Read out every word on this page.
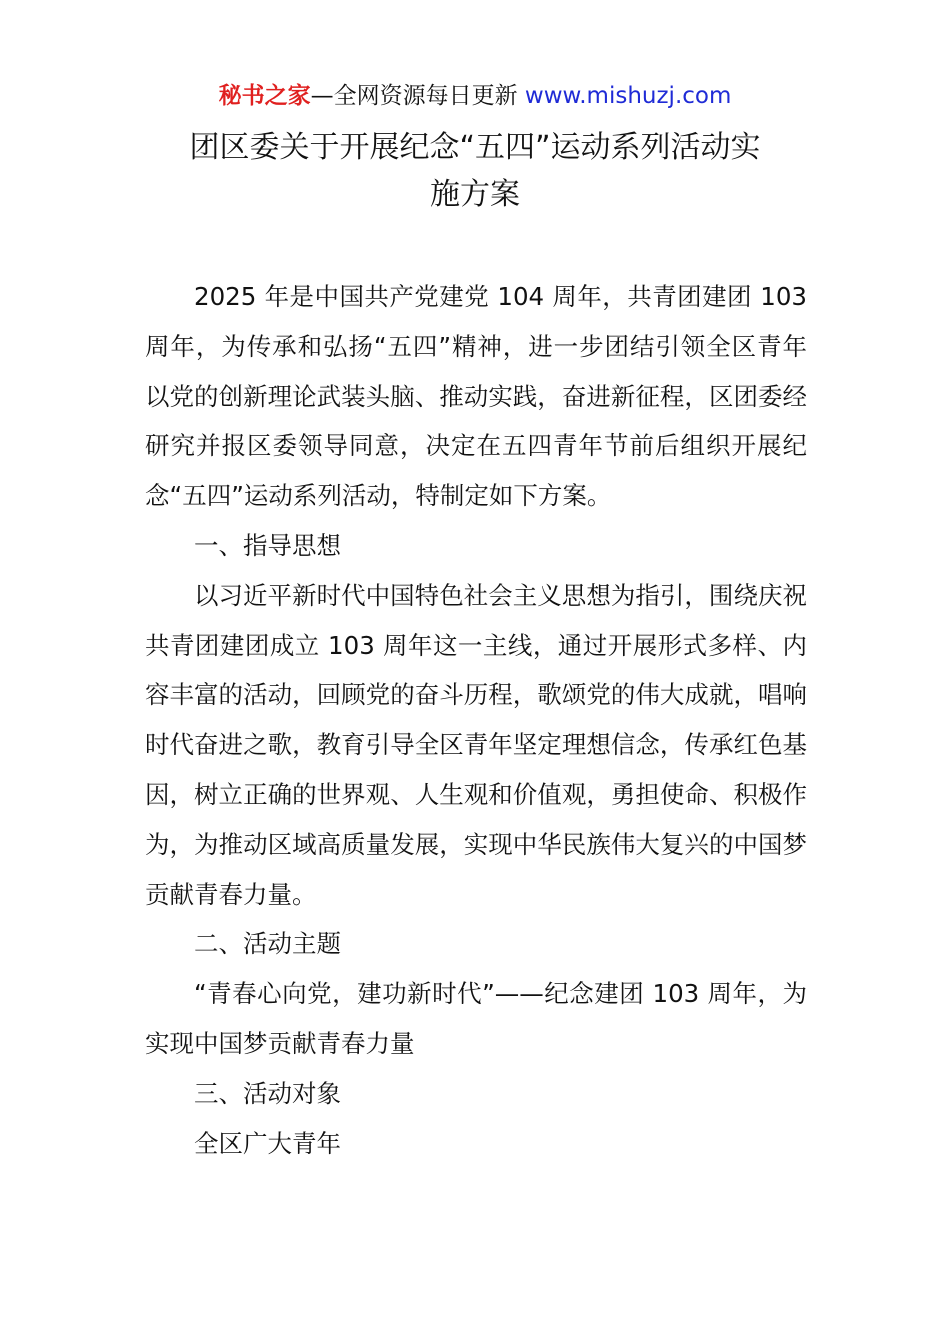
秘书之家—全网资源每日更新 www.mishuzj.com
团区委关于开展纪念“五四”运动系列活动实
施方案

2025 年是中国共产党建党 104 周年，共青团建团 103 周年，为传承和弘扬“五四”精神，进一步团结引领全区青年以党的创新理论武装头脑、推动实践，奋进新征程，区团委经研究并报区委领导同意，决定在五四青年节前后组织开展纪念“五四”运动系列活动，特制定如下方案。

一、指导思想

以习近平新时代中国特色社会主义思想为指引，围绕庆祝共青团建团成立 103 周年这一主线，通过开展形式多样、内容丰富的活动，回顾党的奋斗历程，歌颂党的伟大成就，唱响时代奋进之歌，教育引导全区青年坚定理想信念，传承红色基因，树立正确的世界观、人生观和价值观，勇担使命、积极作为，为推动区域高质量发展，实现中华民族伟大复兴的中国梦贡献青春力量。

二、活动主题

“青春心向党，建功新时代”——纪念建团 103 周年，为实现中国梦贡献青春力量

三、活动对象

全区广大青年
